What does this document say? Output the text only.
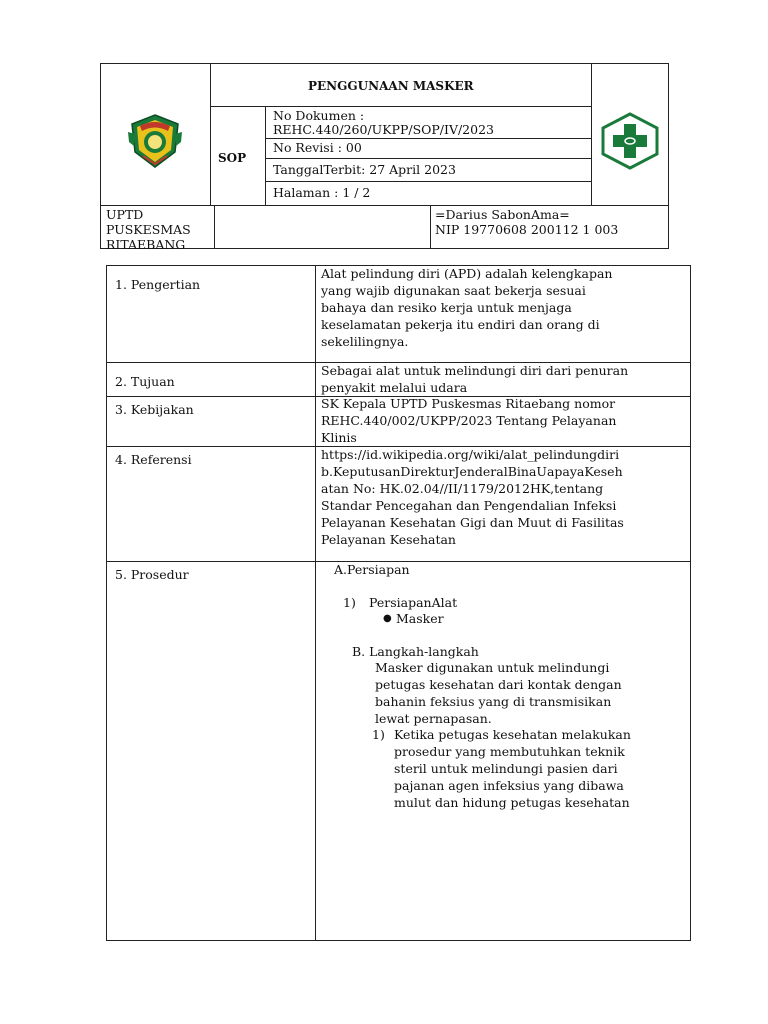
PENGGUNAAN MASKER
SOP
No Dokumen :
REHC.440/260/UKPP/SOP/IV/2023
No Revisi : 00
TanggalTerbit: 27 April 2023
Halaman : 1 / 2
UPTD
PUSKESMAS
RITAEBANG
=Darius SabonAma=
NIP 19770608 200112 1 003
1. Pengertian
2. Tujuan
3. Kebijakan
4. Referensi
5. Prosedur
Alat pelindung diri (APD) adalah kelengkapan
yang wajib digunakan saat bekerja sesuai
bahaya dan resiko kerja untuk menjaga
keselamatan pekerja itu endiri dan orang di
sekelilingnya.
Sebagai alat untuk melindungi diri dari penuran
penyakit melalui udara
SK Kepala UPTD Puskesmas Ritaebang nomor
REHC.440/002/UKPP/2023 Tentang Pelayanan
Klinis
https://id.wikipedia.org/wiki/alat_pelindungdiri
b.KeputusanDirekturJenderalBinaUapayaKeseh
atan No: HK.02.04//II/1179/2012HK,tentang
Standar Pencegahan dan Pengendalian Infeksi
Pelayanan Kesehatan Gigi dan Muut di Fasilitas
Pelayanan Kesehatan
A.Persiapan
1) PersiapanAlat
● Masker
B. Langkah-langkah
Masker digunakan untuk melindungi
petugas kesehatan dari kontak dengan
bahanin feksius yang di transmisikan
lewat pernapasan.
1) Ketika petugas kesehatan melakukan
prosedur yang membutuhkan teknik
steril untuk melindungi pasien dari
pajanan agen infeksius yang dibawa
mulut dan hidung petugas kesehatan
